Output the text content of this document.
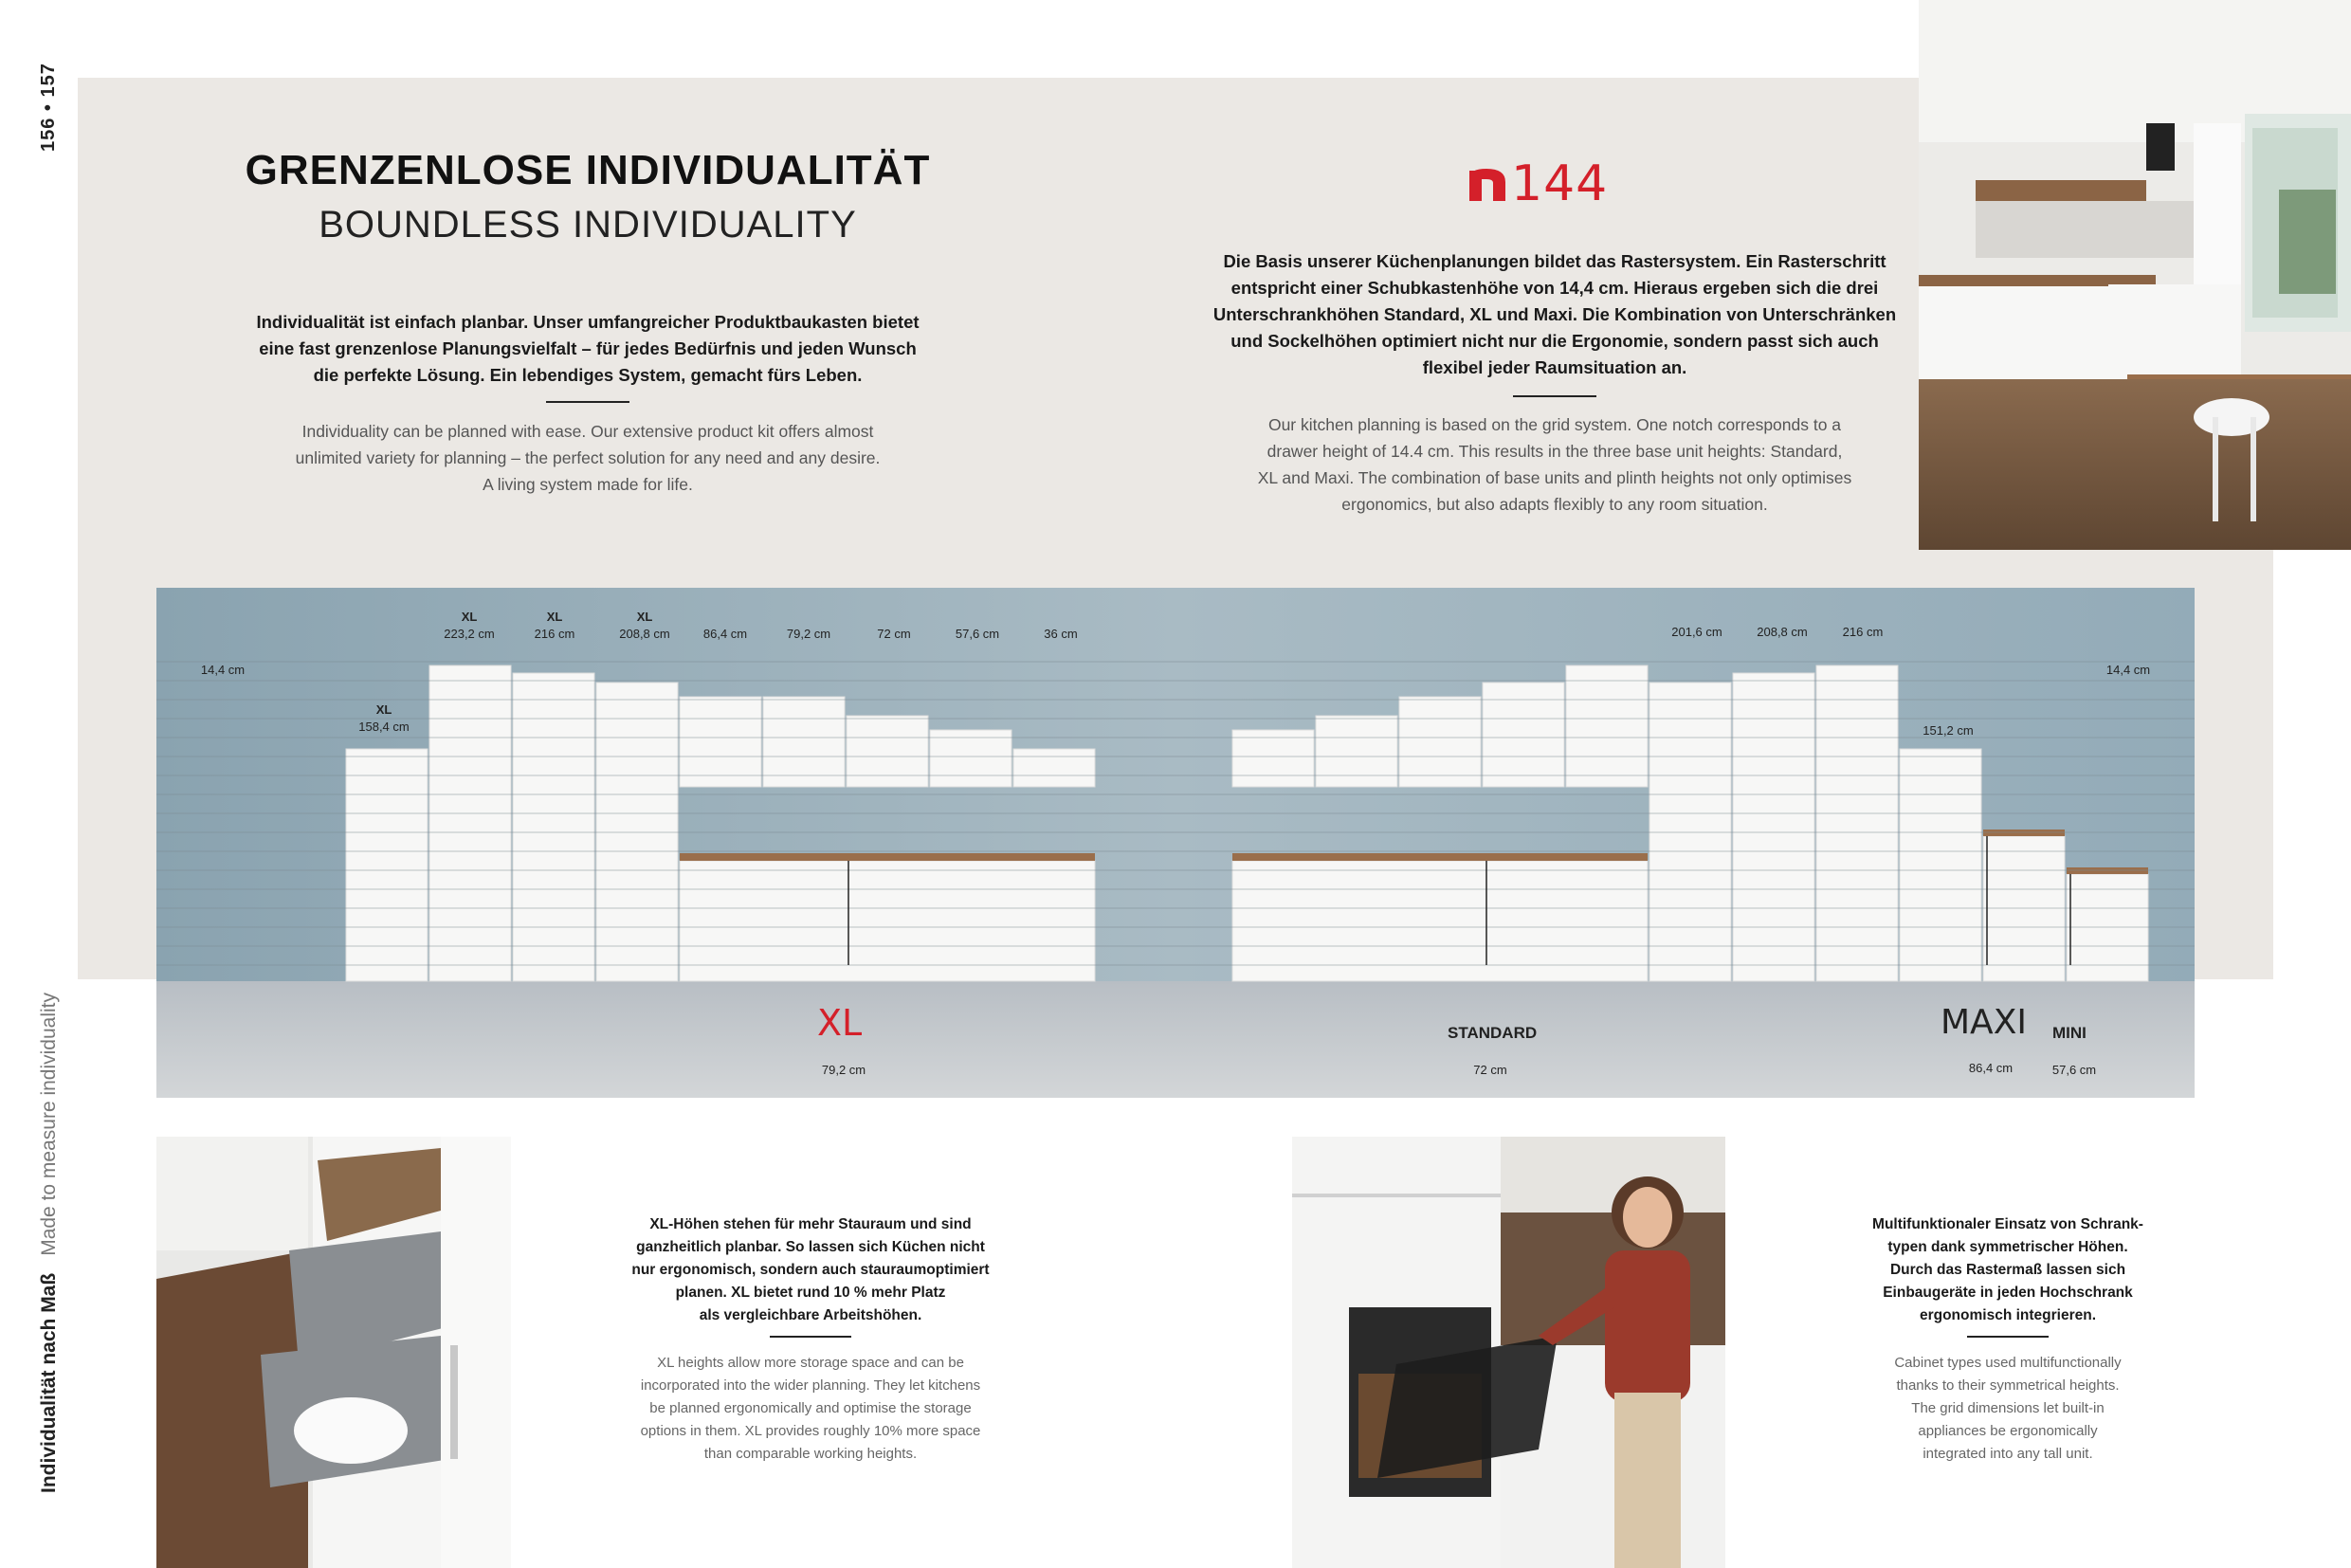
156 • 157
Individualität nach MaßMade to measure individuality
GRENZENLOSE INDIVIDUALITÄT
BOUNDLESS INDIVIDUALITY
Individualität ist einfach planbar. Unser umfangreicher Produktbaukasten bietet
eine fast grenzenlose Planungsvielfalt – für jedes Bedürfnis und jeden Wunsch
die perfekte Lösung. Ein lebendiges System, gemacht fürs Leben.
Individuality can be planned with ease. Our extensive product kit offers almost
unlimited variety for planning – the perfect solution for any need and any desire.
A living system made for life.
144
Die Basis unserer Küchenplanungen bildet das Rastersystem. Ein Rasterschritt
entspricht einer Schubkastenhöhe von 14,4 cm. Hieraus ergeben sich die drei
Unterschrankhöhen Standard, XL und Maxi. Die Kombination von Unterschränken
und Sockelhöhen optimiert nicht nur die Ergonomie, sondern passt sich auch
flexibel jeder Raumsituation an.
Our kitchen planning is based on the grid system. One notch corresponds to a
drawer height of 14.4 cm. This results in the three base unit heights: Standard,
XL and Maxi. The combination of base units and plinth heights not only optimises
ergonomics, but also adapts flexibly to any room situation.
XL
223,2 cm
XL
216 cm
XL
208,8 cm	86,4 cm	79,2 cm	72 cm	57,6 cm	36 cm
XL
158,4 cm
14,4 cm	14,4 cm
201,6 cm	208,8 cm	216 cm
151,2 cm
XL
79,2 cm
STANDARD
72 cm
MAXI MINI
86,4 cm	57,6 cm
XL-Höhen stehen für mehr Stauraum und sind
ganzheitlich planbar. So lassen sich Küchen nicht
nur ergonomisch, sondern auch stauraumoptimiert
planen. XL bietet rund 10 % mehr Platz
als vergleichbare Arbeitshöhen.
XL heights allow more storage space and can be
incorporated into the wider planning. They let kitchens
be planned ergonomically and optimise the storage
options in them. XL provides roughly 10% more space
than comparable working heights.
Multifunktionaler Einsatz von Schrank-
typen dank symmetrischer Höhen.
Durch das Rastermaß lassen sich
Einbaugeräte in jeden Hochschrank
ergonomisch integrieren.
Cabinet types used multifunctionally
thanks to their symmetrical heights.
The grid dimensions let built-in
appliances be ergonomically
integrated into any tall unit.
